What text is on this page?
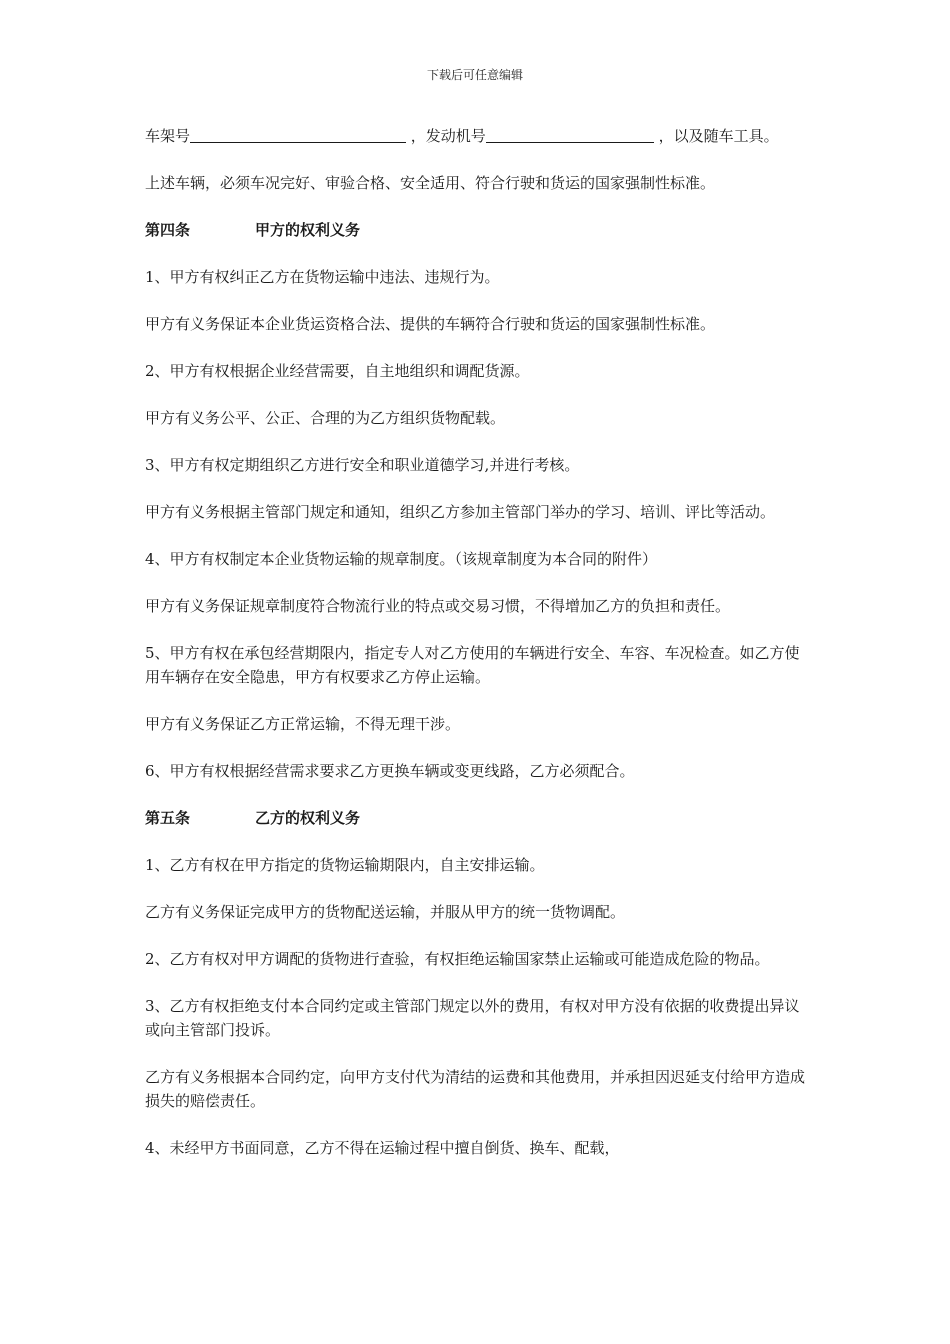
下载后可任意编辑

车架号	，发动机号	，以及随车工具。

上述车辆，必须车况完好、审验合格、安全适用、符合行驶和货运的国家强制性标准。

第四条	甲方的权利义务

1、甲方有权纠正乙方在货物运输中违法、违规行为。

甲方有义务保证本企业货运资格合法、提供的车辆符合行驶和货运的国家强制性标准。

2、甲方有权根据企业经营需要，自主地组织和调配货源。

甲方有义务公平、公正、合理的为乙方组织货物配载。

3、甲方有权定期组织乙方进行安全和职业道德学习,并进行考核。

甲方有义务根据主管部门规定和通知，组织乙方参加主管部门举办的学习、培训、评比等活动。

4、甲方有权制定本企业货物运输的规章制度。（该规章制度为本合同的附件）

甲方有义务保证规章制度符合物流行业的特点或交易习惯，不得增加乙方的负担和责任。

5、甲方有权在承包经营期限内，指定专人对乙方使用的车辆进行安全、车容、车况检查。如乙方使用车辆存在安全隐患，甲方有权要求乙方停止运输。

甲方有义务保证乙方正常运输，不得无理干涉。

6、甲方有权根据经营需求要求乙方更换车辆或变更线路，乙方必须配合。

第五条	乙方的权利义务

1、乙方有权在甲方指定的货物运输期限内，自主安排运输。

乙方有义务保证完成甲方的货物配送运输，并服从甲方的统一货物调配。

2、乙方有权对甲方调配的货物进行查验，有权拒绝运输国家禁止运输或可能造成危险的物品。

3、乙方有权拒绝支付本合同约定或主管部门规定以外的费用，有权对甲方没有依据的收费提出异议或向主管部门投诉。

乙方有义务根据本合同约定，向甲方支付代为清结的运费和其他费用，并承担因迟延支付给甲方造成损失的赔偿责任。

4、未经甲方书面同意，乙方不得在运输过程中擅自倒货、换车、配载，
